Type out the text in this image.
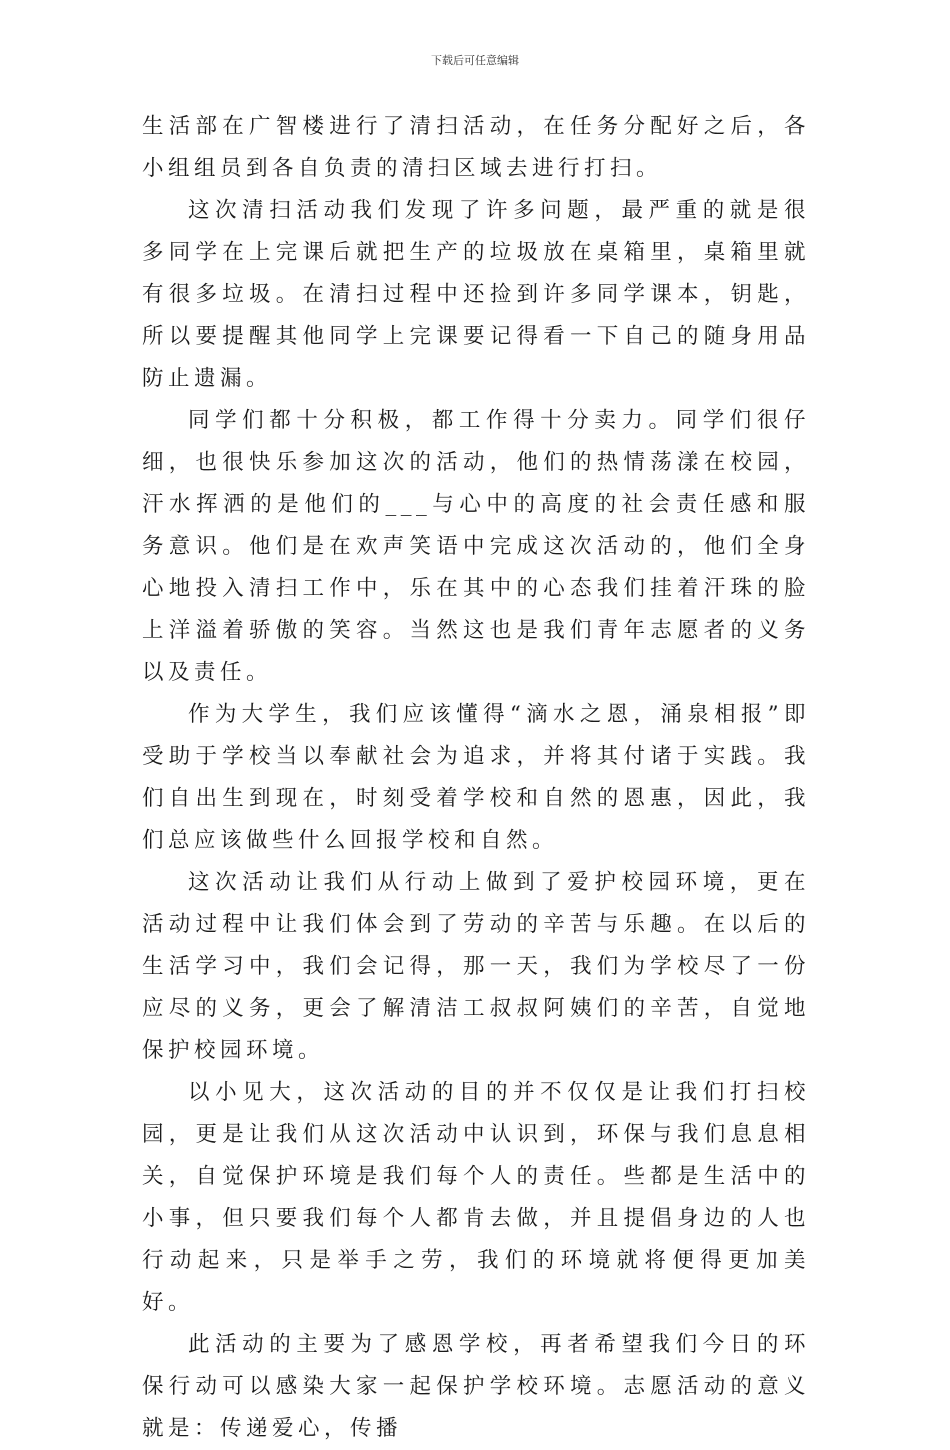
下载后可任意编辑

生活部在广智楼进行了清扫活动，在任务分配好之后，各小组组员到各自负责的清扫区域去进行打扫。

这次清扫活动我们发现了许多问题，最严重的就是很多同学在上完课后就把生产的垃圾放在桌箱里，桌箱里就有很多垃圾。在清扫过程中还捡到许多同学课本，钥匙，所以要提醒其他同学上完课要记得看一下自己的随身用品防止遗漏。

同学们都十分积极，都工作得十分卖力。同学们很仔细，也很快乐参加这次的活动，他们的热情荡漾在校园，汗水挥洒的是他们的___与心中的高度的社会责任感和服务意识。他们是在欢声笑语中完成这次活动的，他们全身心地投入清扫工作中，乐在其中的心态我们挂着汗珠的脸上洋溢着骄傲的笑容。当然这也是我们青年志愿者的义务以及责任。

作为大学生，我们应该懂得“滴水之恩，涌泉相报”即受助于学校当以奉献社会为追求，并将其付诸于实践。我们自出生到现在，时刻受着学校和自然的恩惠，因此，我们总应该做些什么回报学校和自然。

这次活动让我们从行动上做到了爱护校园环境，更在活动过程中让我们体会到了劳动的辛苦与乐趣。在以后的生活学习中，我们会记得，那一天，我们为学校尽了一份应尽的义务，更会了解清洁工叔叔阿姨们的辛苦，自觉地保护校园环境。

以小见大，这次活动的目的并不仅仅是让我们打扫校园，更是让我们从这次活动中认识到，环保与我们息息相关，自觉保护环境是我们每个人的责任。些都是生活中的小事，但只要我们每个人都肯去做，并且提倡身边的人也行动起来，只是举手之劳，我们的环境就将便得更加美好。

此活动的主要为了感恩学校，再者希望我们今日的环保行动可以感染大家一起保护学校环境。志愿活动的意义就是：传递爱心，传播
